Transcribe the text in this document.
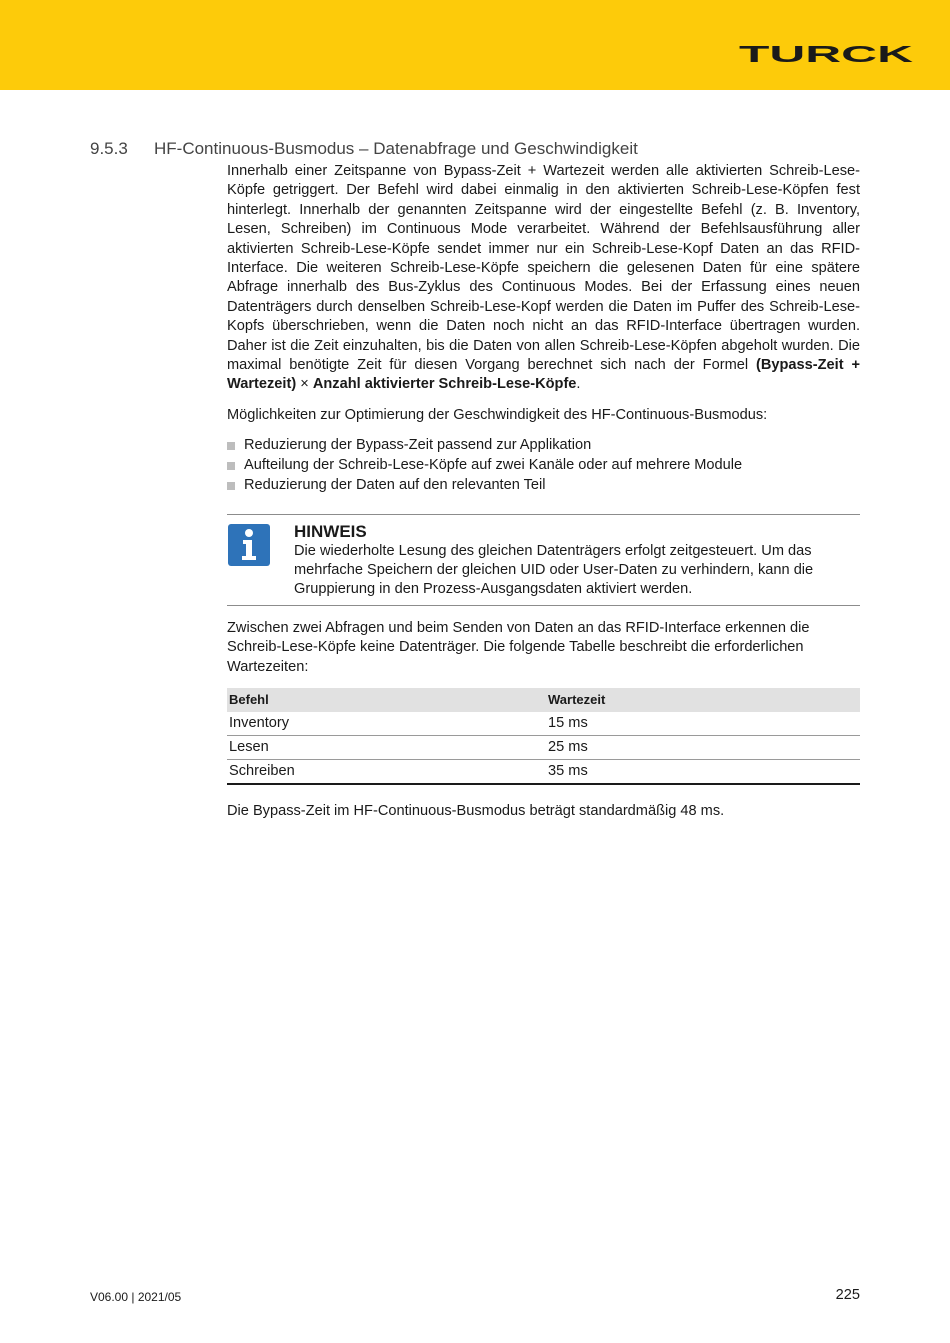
TURCK
9.5.3 HF-Continuous-Busmodus – Datenabfrage und Geschwindigkeit

Innerhalb einer Zeitspanne von Bypass-Zeit + Wartezeit werden alle aktivierten Schreib-Lese-Köpfe getriggert. Der Befehl wird dabei einmalig in den aktivierten Schreib-Lese-Köpfen fest hinterlegt. Innerhalb der genannten Zeitspanne wird der eingestellte Befehl (z. B. Inventory, Lesen, Schreiben) im Continuous Mode verarbeitet. Während der Befehlsausführung aller aktivierten Schreib-Lese-Köpfe sendet immer nur ein Schreib-Lese-Kopf Daten an das RFID-Interface. Die weiteren Schreib-Lese-Köpfe speichern die gelesenen Daten für eine spätere Abfrage innerhalb des Bus-Zyklus des Continuous Modes. Bei der Erfassung eines neuen Datenträgers durch denselben Schreib-Lese-Kopf werden die Daten im Puffer des Schreib-Lese-Kopfs überschrieben, wenn die Daten noch nicht an das RFID-Interface übertragen wurden. Daher ist die Zeit einzuhalten, bis die Daten von allen Schreib-Lese-Köpfen abgeholt wurden. Die maximal benötigte Zeit für diesen Vorgang berechnet sich nach der Formel (Bypass-Zeit + Wartezeit) × Anzahl aktivierter Schreib-Lese-Köpfe.

Möglichkeiten zur Optimierung der Geschwindigkeit des HF-Continuous-Busmodus:

Reduzierung der Bypass-Zeit passend zur Applikation
Aufteilung der Schreib-Lese-Köpfe auf zwei Kanäle oder auf mehrere Module
Reduzierung der Daten auf den relevanten Teil
HINWEIS
Die wiederholte Lesung des gleichen Datenträgers erfolgt zeitgesteuert. Um das mehrfache Speichern der gleichen UID oder User-Daten zu verhindern, kann die Gruppierung in den Prozess-Ausgangsdaten aktiviert werden.

Zwischen zwei Abfragen und beim Senden von Daten an das RFID-Interface erkennen die Schreib-Lese-Köpfe keine Datenträger. Die folgende Tabelle beschreibt die erforderlichen Wartezeiten:

Befehl	Wartezeit
Inventory	15 ms
Lesen	25 ms
Schreiben	35 ms

Die Bypass-Zeit im HF-Continuous-Busmodus beträgt standardmäßig 48 ms.

V06.00 | 2021/05	225
